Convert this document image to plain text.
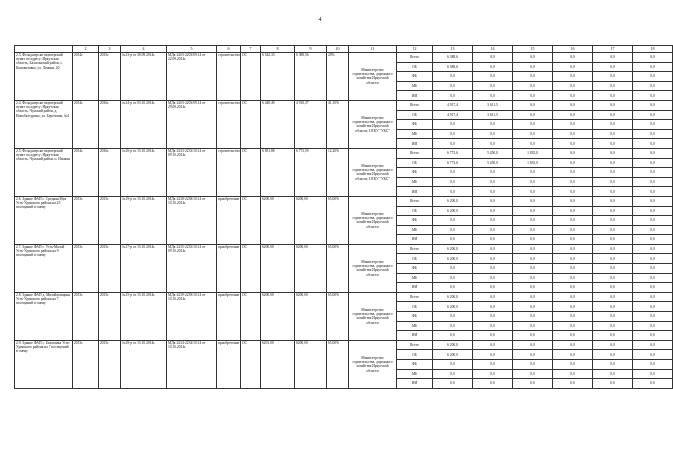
4
	2	3	4	5	6	7	8	9	10	11	12	13	14	15	16	17	18
2.3. Фельдшерско-акушерский пункт по адресу: Иркутская область, Балаганский район, с. Коноваловка, ул. Ленина, 20	2014г.	2015г.	№13-р от 30.09.2014г.	МДк-2203-2203/09.14 от 22.09.2014г.	строительство	ОС	6 542,33	6 388,56	20%	Министерство строительства, дорожного хозяйства Иркутской области	Всего	6 388,6	0,0	0,0	0,0	0,0	0,0
											ОБ	6 388,6	0,0	0,0	0,0	0,0	0,0
											ФБ	0,0	0,0	0,0	0,0	0,0	0,0
											МБ	0,0	0,0	0,0	0,0	0,0	0,0
											ИИ	0,0	0,0	0,0	0,0	0,0	0,0
2.4. Фельдшерско-акушерский пункт по адресу: Иркутская область, Чунский район, д. Новобалтурино, ул. Березовая, №4	2014г.	2016г.	№14-р от 03.10.2014г.	МДк-2203-2203/09.14 от 29.09.2014г.	строительство	ОС	6 448,49	4 910,37	41,10%	Министерство строительства, дорожного хозяйства Иркутской области, ОГКУ "УКС"	Всего	4 917,4	3 611,5	0,0	0,0	0,0	0,0
											ОБ	4 917,4	3 611,5	0,0	0,0	0,0	0,0
											ФБ	0,0	0,0	0,0	0,0	0,0	0,0
											МБ	0,0	0,0	0,0	0,0	0,0	0,0
											ИИ	0,0	0,0	0,0	0,0	0,0	0,0
2.5. Фельдшерско-акушерский пункт по адресу: Иркутская область, Чунский район, п. Изыкан	2014г.	2016г.	№16-р от 15.10.2014г.	МДк-2233-2233/10.14 от 09.10.2014г.	строительство	ОС	6 851,88	6 773,59	12,20%	Министерство строительства, дорожного хозяйства Иркутской области, ОГКУ "УКС"	Всего	6 773,6	5 450,0	1 835,0	0,0	0,0	0,0
											ОБ	6 773,6	5 450,0	1 835,0	0,0	0,0	0,0
											ФБ	0,0	0,0	0,0	0,0	0,0	0,0
											МБ	0,0	0,0	0,0	0,0	0,0	0,0
											ИИ	0,0	0,0	0,0	0,0	0,0	0,0
2.6. Здание ФАП с. Средняя Муя Усть-Удинского района на 25 посещений в смену	2015г.	2015г.	№19-р от 15.10.2014г.	МДк-2238-2238/10.14 от 10.10.2014г.	приобретение	ОС	6200,00	6200,00	65,00%	Министерство строительства, дорожного хозяйства Иркутской области	Всего	6 200,0	0,0	0,0	0,0	0,0	0,0
											ОБ	6 200,0	0,0	0,0	0,0	0,0	0,0
											ФБ	0,0	0,0	0,0	0,0	0,0	0,0
											МБ	0,0	0,0	0,0	0,0	0,0	0,0
											ИИ	0,0	0,0	0,0	0,0	0,0	0,0
2.7. Здание ФАП с. Усть-Малой Усть-Удинского района на 9 посещений в смену	2015г.	2015г.	№17-р от 15.10.2014г.	МДк-2235-2235/10.14 от 09.10.2014г.	приобретение	ОС	6200,00	6200,00	65,00%	Министерство строительства, дорожного хозяйства Иркутской области	Всего	6 200,0	0,0	0,0	0,0	0,0	0,0
											ОБ	6 200,0	0,0	0,0	0,0	0,0	0,0
											ФБ	0,0	0,0	0,0	0,0	0,0	0,0
											МБ	0,0	0,0	0,0	0,0	0,0	0,0
											ИИ	0,0	0,0	0,0	0,0	0,0	0,0
2.8. Здание ФАП д. Михайловщина Усть-Удинского района на 7 посещений в смену	2015г.	2015г.	№15-р от 15.10.2014г.	МДк-2239-2239/10.14 от 10.10.2014г.	приобретение	ОС	6200,00	6200,00	65,00%	Министерство строительства, дорожного хозяйства Иркутской области	Всего	6 200,0	0,0	0,0	0,0	0,0	0,0
											ОБ	6 200,0	0,0	0,0	0,0	0,0	0,0
											ФБ	0,0	0,0	0,0	0,0	0,0	0,0
											МБ	0,0	0,0	0,0	0,0	0,0	0,0
											ИИ	0,0	0,0	0,0	0,0	0,0	0,0
2.9. Здание ФАП с. Балаганка Усть-Удинского района на 7 посещений в смену	2015г.	2015г.	№18-р от 15.10.2014г.	МДк-2234-2234/10.14 от 10.10.2014г.	приобретение	ОС	6201,00	6200,00	65,00%	Министерство строительства, дорожного хозяйства Иркутской области	Всего	6 200,0	0,0	0,0	0,0	0,0	0,0
											ОБ	6 200,0	0,0	0,0	0,0	0,0	0,0
											ФБ	0,0	0,0	0,0	0,0	0,0	0,0
											МБ	0,0	0,0	0,0	0,0	0,0	0,0
											ИИ	0,0	0,0	0,0	0,0	0,0	0,0
